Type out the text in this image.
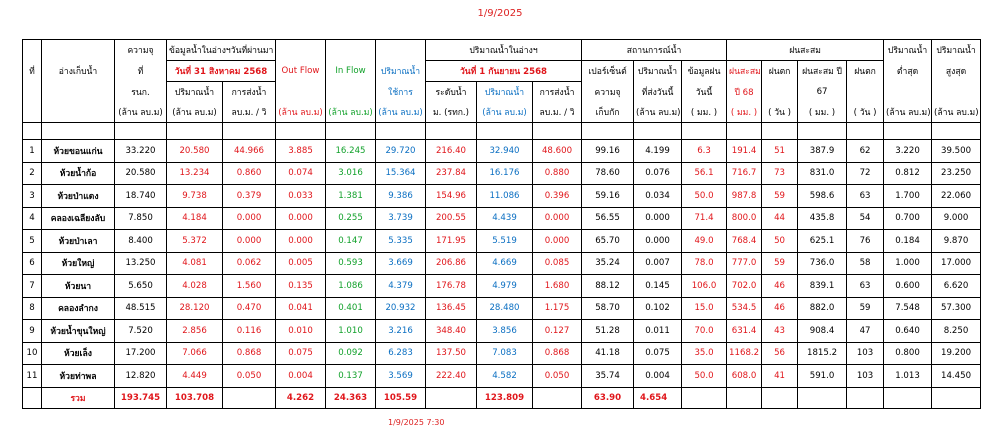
1/9/2025
		ความจุ	ข้อมูลน้ำในอ่างฯวันที่ผ่านมา					ปริมาณน้ำในอ่างฯ			สถานการณ์น้ำ			ฝนสะสม				ปริมาณน้ำ	ปริมาณน้ำ
ที่	อ่างเก็บน้ำ	ที่	วันที่ 31 สิงหาคม 2568		Out Flow	In Flow	ปริมาณน้ำ	วันที่ 1 กันยายน 2568			เปอร์เซ็นต์	ปริมาณน้ำ	ข้อมูลฝน	ฝนสะสม	ฝนตก	ฝนสะสม ปี	ฝนตก	ต่ำสุด	สูงสุด
		รนก.	ปริมาณน้ำ	การส่งน้ำ			ใช้การ	ระดับน้ำ	ปริมาณน้ำ	การส่งน้ำ	ความจุ	ที่ส่งวันนี้	วันนี้	ปี 68		67			
		(ล้าน ลบ.ม)	(ล้าน ลบ.ม)	ลบ.ม. / วิ	(ล้าน ลบ.ม)	(ล้าน ลบ.ม)	(ล้าน ลบ.ม)	ม. (รทก.)	(ล้าน ลบ.ม)	ลบ.ม. / วิ	เก็บกัก	(ล้าน ลบ.ม)	( มม. )	( มม. )	( วัน )	( มม. )	( วัน )	(ล้าน ลบ.ม)	(ล้าน ลบ.ม)

1	ห้วยขอนแก่น	33.220	20.580	44.966	3.885	16.245	29.720	216.40	32.940	48.600	99.16	4.199	6.3	191.4	51	387.9	62	3.220	39.500
2	ห้วยน้ำก้อ	20.580	13.234	0.860	0.074	3.016	15.364	237.84	16.176	0.880	78.60	0.076	56.1	716.7	73	831.0	72	0.812	23.250
3	ห้วยป่าแดง	18.740	9.738	0.379	0.033	1.381	9.386	154.96	11.086	0.396	59.16	0.034	50.0	987.8	59	598.6	63	1.700	22.060
4	คลองเฉลียงลับ	7.850	4.184	0.000	0.000	0.255	3.739	200.55	4.439	0.000	56.55	0.000	71.4	800.0	44	435.8	54	0.700	9.000
5	ห้วยป่าเลา	8.400	5.372	0.000	0.000	0.147	5.335	171.95	5.519	0.000	65.70	0.000	49.0	768.4	50	625.1	76	0.184	9.870
6	ห้วยใหญ่	13.250	4.081	0.062	0.005	0.593	3.669	206.86	4.669	0.085	35.24	0.007	78.0	777.0	59	736.0	58	1.000	17.000
7	ห้วยนา	5.650	4.028	1.560	0.135	1.086	4.379	176.78	4.979	1.680	88.12	0.145	106.0	702.0	46	839.1	63	0.600	6.620
8	คลองลำกง	48.515	28.120	0.470	0.041	0.401	20.932	136.45	28.480	1.175	58.70	0.102	15.0	534.5	46	882.0	59	7.548	57.300
9	ห้วยน้ำขุนใหญ่	7.520	2.856	0.116	0.010	1.010	3.216	348.40	3.856	0.127	51.28	0.011	70.0	631.4	43	908.4	47	0.640	8.250
10	ห้วยเล็ง	17.200	7.066	0.868	0.075	0.092	6.283	137.50	7.083	0.868	41.18	0.075	35.0	1168.2	56	1815.2	103	0.800	19.200
11	ห้วยท่าพล	12.820	4.449	0.050	0.004	0.137	3.569	222.40	4.582	0.050	35.74	0.004	50.0	608.0	41	591.0	103	1.013	14.450
	รวม	193.745	103.708		4.262	24.363	105.59		123.809		63.90	4.654							
1/9/2025 7:30
